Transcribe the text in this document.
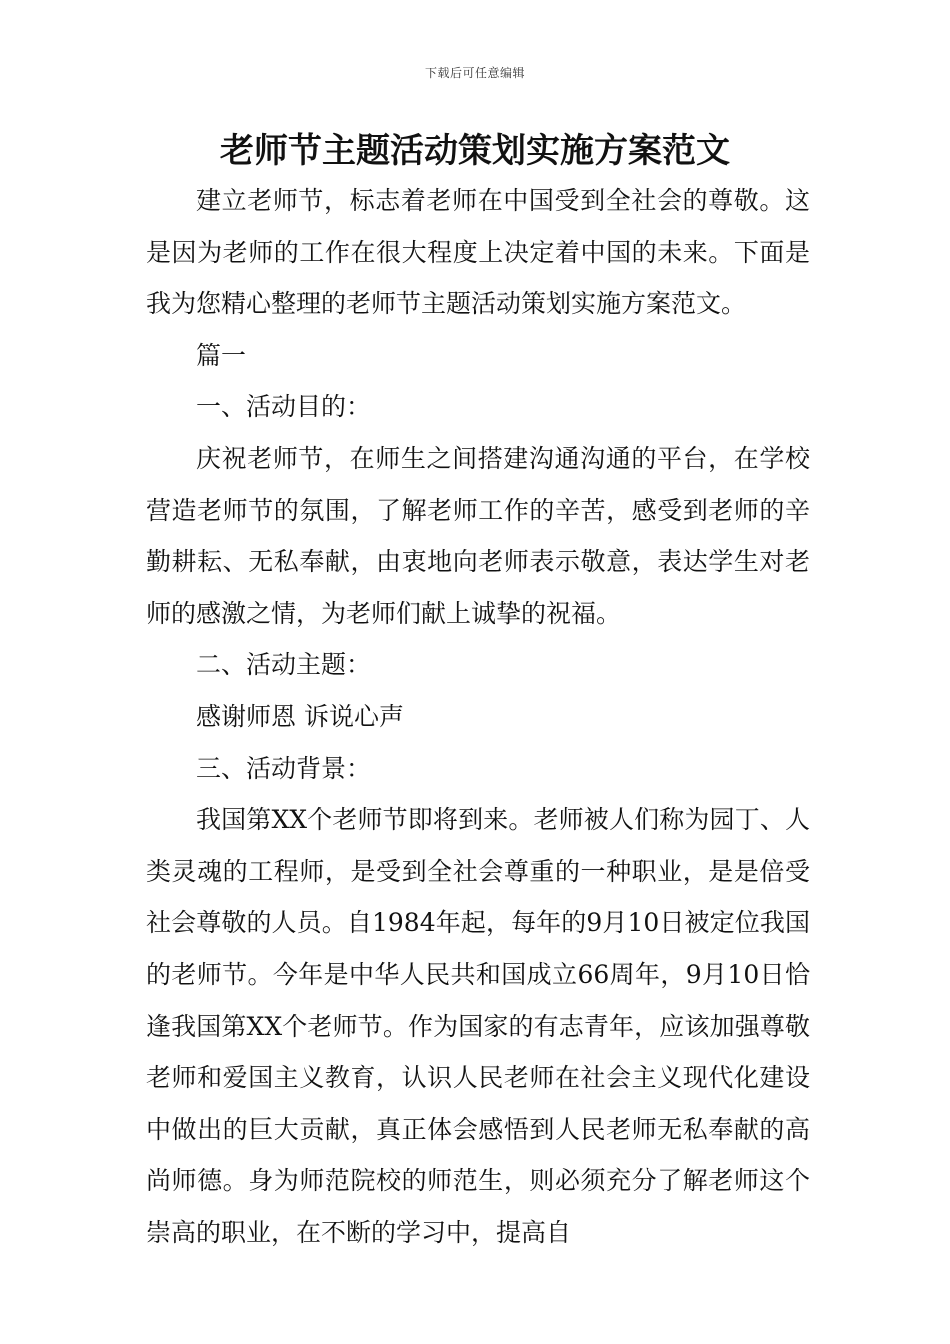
下载后可任意编辑
老师节主题活动策划实施方案范文

建立老师节，标志着老师在中国受到全社会的尊敬。这是因为老师的工作在很大程度上决定着中国的未来。下面是我为您精心整理的老师节主题活动策划实施方案范文。

篇一

一、活动目的：

庆祝老师节，在师生之间搭建沟通沟通的平台，在学校营造老师节的氛围，了解老师工作的辛苦，感受到老师的辛勤耕耘、无私奉献，由衷地向老师表示敬意，表达学生对老师的感激之情，为老师们献上诚挚的祝福。

二、活动主题：

感谢师恩 诉说心声

三、活动背景：

我国第XX个老师节即将到来。老师被人们称为园丁、人类灵魂的工程师，是受到全社会尊重的一种职业，是是倍受社会尊敬的人员。自1984年起，每年的9月10日被定位我国的老师节。今年是中华人民共和国成立66周年，9月10日恰逢我国第XX个老师节。作为国家的有志青年，应该加强尊敬老师和爱国主义教育，认识人民老师在社会主义现代化建设中做出的巨大贡献，真正体会感悟到人民老师无私奉献的高尚师德。身为师范院校的师范生，则必须充分了解老师这个崇高的职业，在不断的学习中，提高自
